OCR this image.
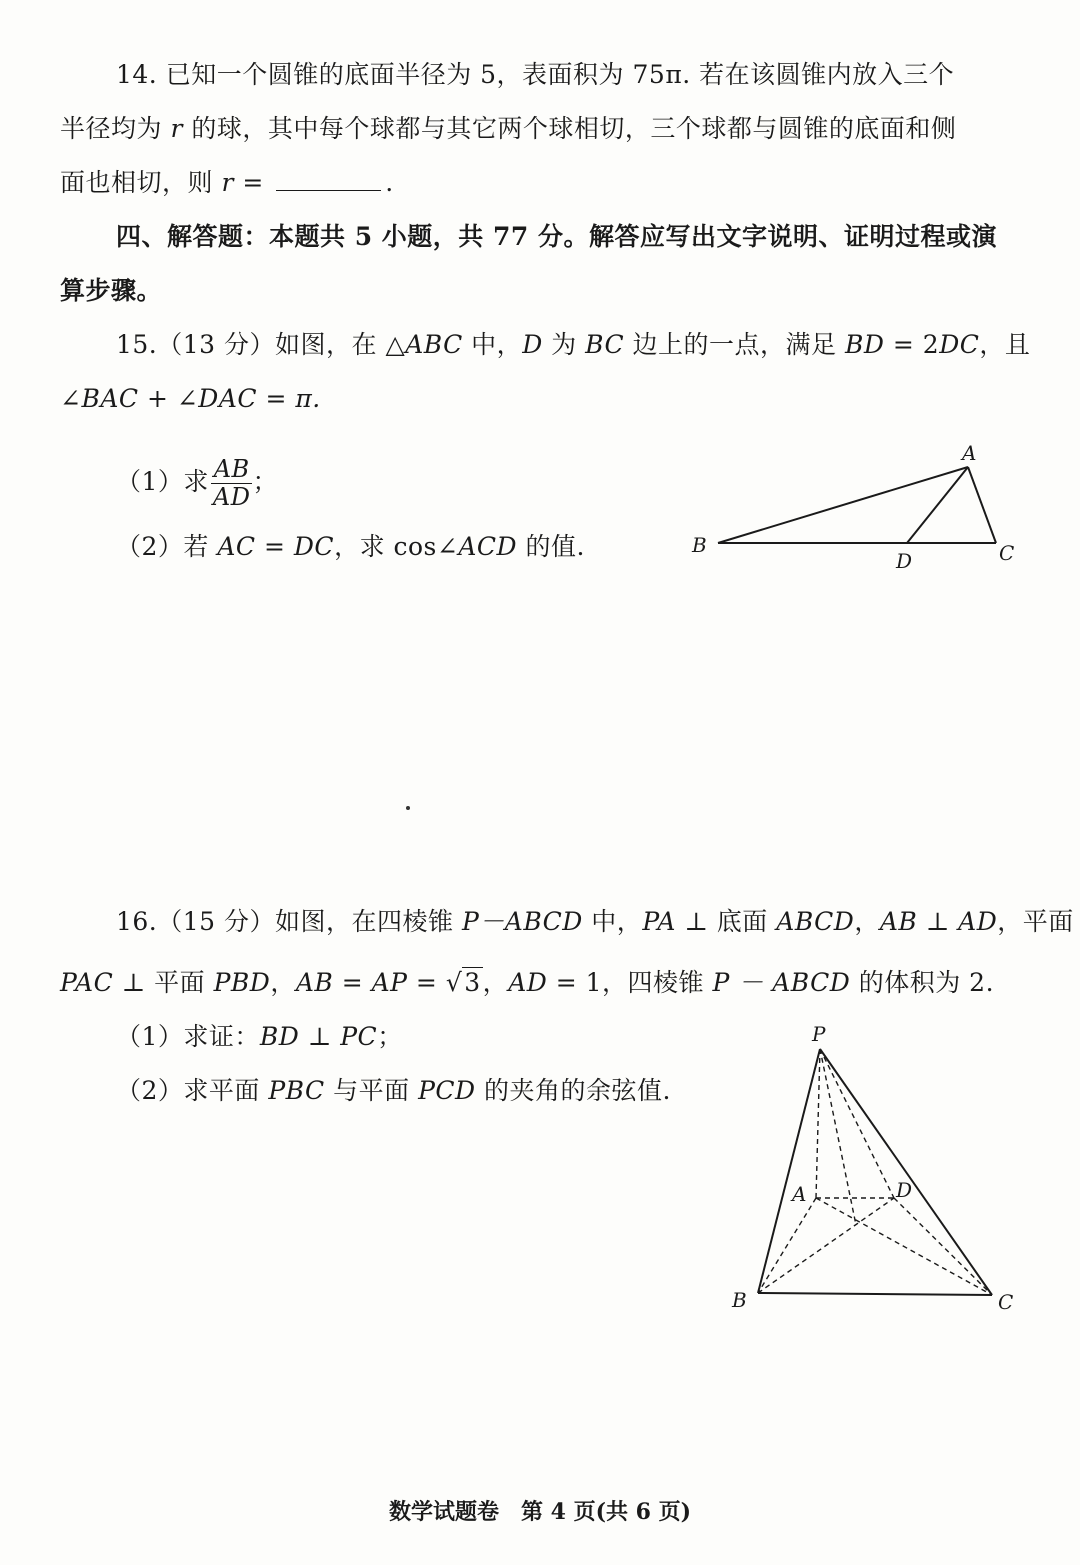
14. 已知一个圆锥的底面半径为 5，表面积为 75π. 若在该圆锥内放入三个
半径均为 r 的球，其中每个球都与其它两个球相切，三个球都与圆锥的底面和侧
面也相切，则 r =	.
四、解答题：本题共 5 小题，共 77 分。解答应写出文字说明、证明过程或演
算步骤。
15.（13 分）如图，在 △ABC 中，D 为 BC 边上的一点，满足 BD = 2DC，且
∠BAC + ∠DAC = π.
（1）求 $\frac{AB}{AD}$ ；
（2）若 AC = DC，求 cos∠ACD 的值.
A
B	C
D
16.（15 分）如图，在四棱锥 P－ABCD 中，PA ⊥ 底面 ABCD，AB ⊥ AD，平面
PAC ⊥ 平面 PBD，AB = AP = √3，AD = 1，四棱锥 P － ABCD 的体积为 2.
（1）求证：BD ⊥ PC；
（2）求平面 PBC 与平面 PCD 的夹角的余弦值.
P
A	D
B	C
数学试题卷　第 4 页(共 6 页)
